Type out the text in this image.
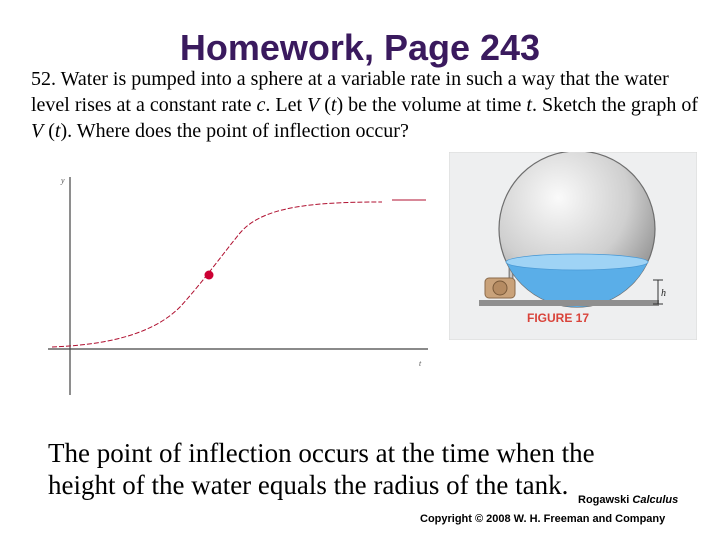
Homework, Page 243
52. Water is pumped into a sphere at a variable rate in such a way that the water level rises at a constant rate c. Let V (t) be the volume at time t. Sketch the graph of V (t). Where does the point of inflection occur?
y
t
h
FIGURE 17
The point of inflection occurs at the time when the height of the water equals the radius of the tank. Rogawski Calculus
Copyright © 2008 W. H. Freeman and Company
